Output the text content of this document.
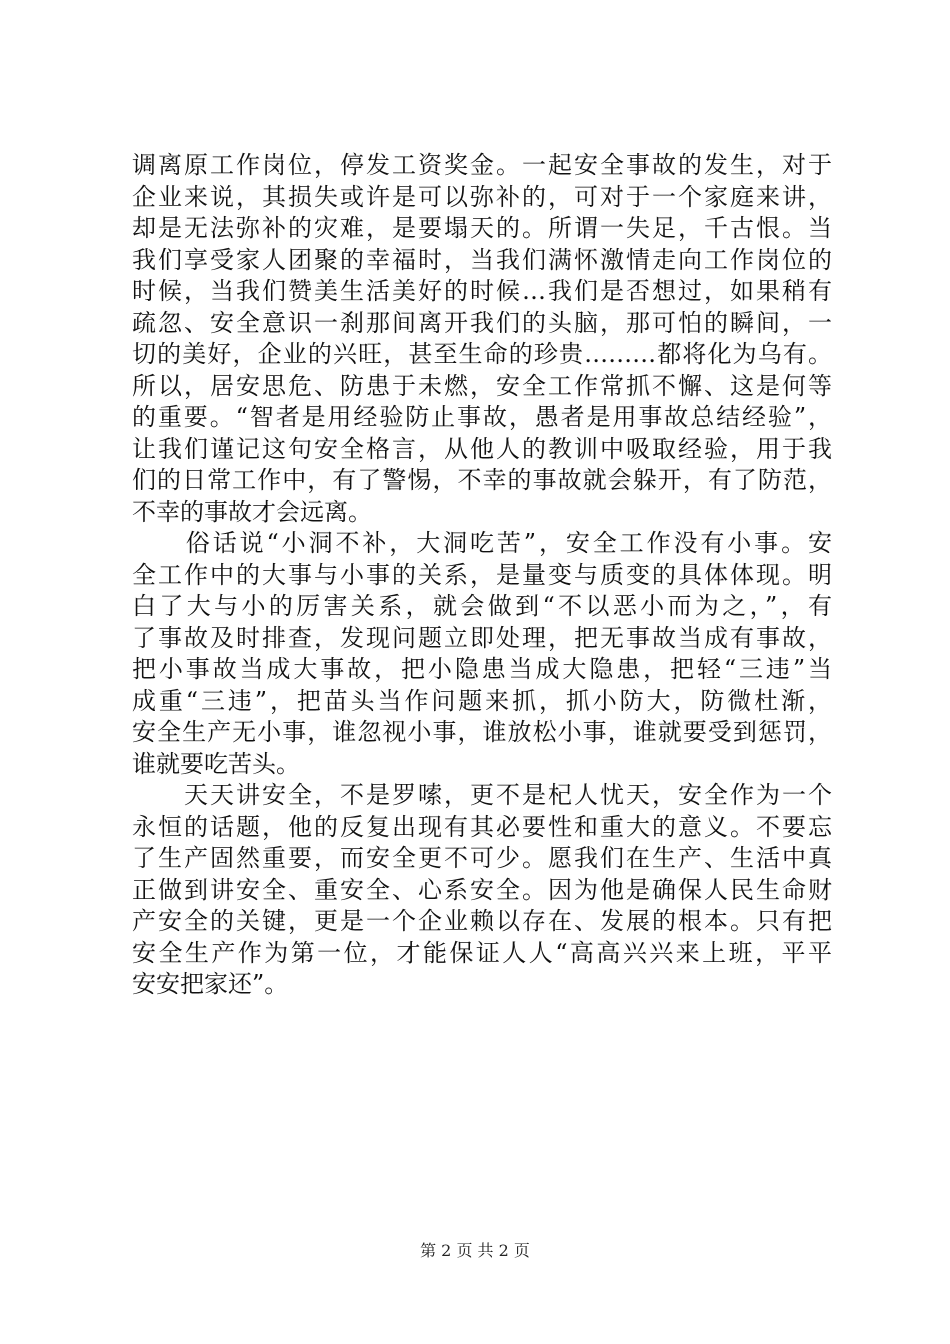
调离原工作岗位，停发工资奖金。一起安全事故的发生，对于
企业来说，其损失或许是可以弥补的，可对于一个家庭来讲，
却是无法弥补的灾难，是要塌天的。所谓一失足，千古恨。当
我们享受家人团聚的幸福时，当我们满怀激情走向工作岗位的
时候，当我们赞美生活美好的时候…我们是否想过，如果稍有
疏忽、安全意识一刹那间离开我们的头脑，那可怕的瞬间，一
切的美好，企业的兴旺，甚至生命的珍贵………都将化为乌有。
所以，居安思危、防患于未燃，安全工作常抓不懈、这是何等
的重要。“智者是用经验防止事故，愚者是用事故总结经验”，
让我们谨记这句安全格言，从他人的教训中吸取经验，用于我
们的日常工作中，有了警惕，不幸的事故就会躲开，有了防范，
不幸的事故才会远离。
　　俗话说“小洞不补，大洞吃苦”，安全工作没有小事。安
全工作中的大事与小事的关系，是量变与质变的具体体现。明
白了大与小的厉害关系，就会做到“不以恶小而为之，”，有
了事故及时排查，发现问题立即处理，把无事故当成有事故，
把小事故当成大事故，把小隐患当成大隐患，把轻“三违”当
成重“三违”，把苗头当作问题来抓，抓小防大，防微杜渐，
安全生产无小事，谁忽视小事，谁放松小事，谁就要受到惩罚，
谁就要吃苦头。
　　天天讲安全，不是罗嗦，更不是杞人忧天，安全作为一个
永恒的话题，他的反复出现有其必要性和重大的意义。不要忘
了生产固然重要，而安全更不可少。愿我们在生产、生活中真
正做到讲安全、重安全、心系安全。因为他是确保人民生命财
产安全的关键，更是一个企业赖以存在、发展的根本。只有把
安全生产作为第一位，才能保证人人“高高兴兴来上班，平平
安安把家还”。
第 2 页 共 2 页
